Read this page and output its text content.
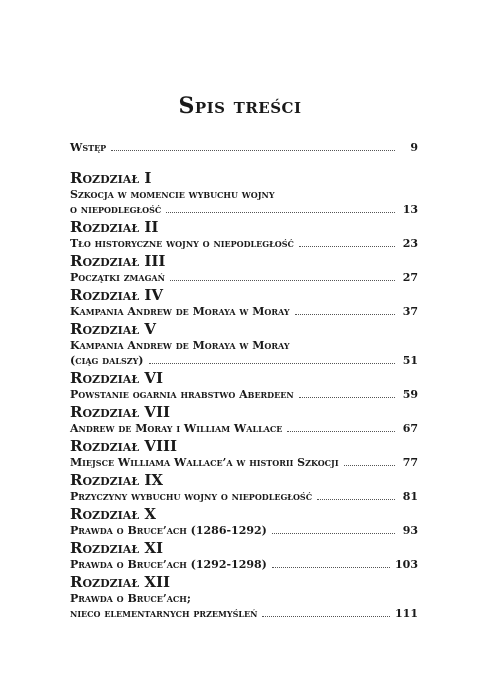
Spis treści
Wstęp	9
Rozdział I
Szkocja w momencie wybuchu wojny
o niepodległość	13
Rozdział II
Tło historyczne wojny o niepodległość	23
Rozdział III
Początki zmagań	27
Rozdział IV
Kampania Andrew de Moraya w Moray	37
Rozdział V
Kampania Andrew de Moraya w Moray
(ciąg dalszy)	51
Rozdział VI
Powstanie ogarnia hrabstwo Aberdeen	59
Rozdział VII
Andrew de Moray i William Wallace	67
Rozdział VIII
Miejsce Williama Wallace’a w historii Szkocji	77
Rozdział IX
Przyczyny wybuchu wojny o niepodległość	81
Rozdział X
Prawda o Bruce’ach (1286-1292)	93
Rozdział XI
Prawda o Bruce’ach (1292-1298)	103
Rozdział XII
Prawda o Bruce’ach;
nieco elementarnych przemyśleń	111
